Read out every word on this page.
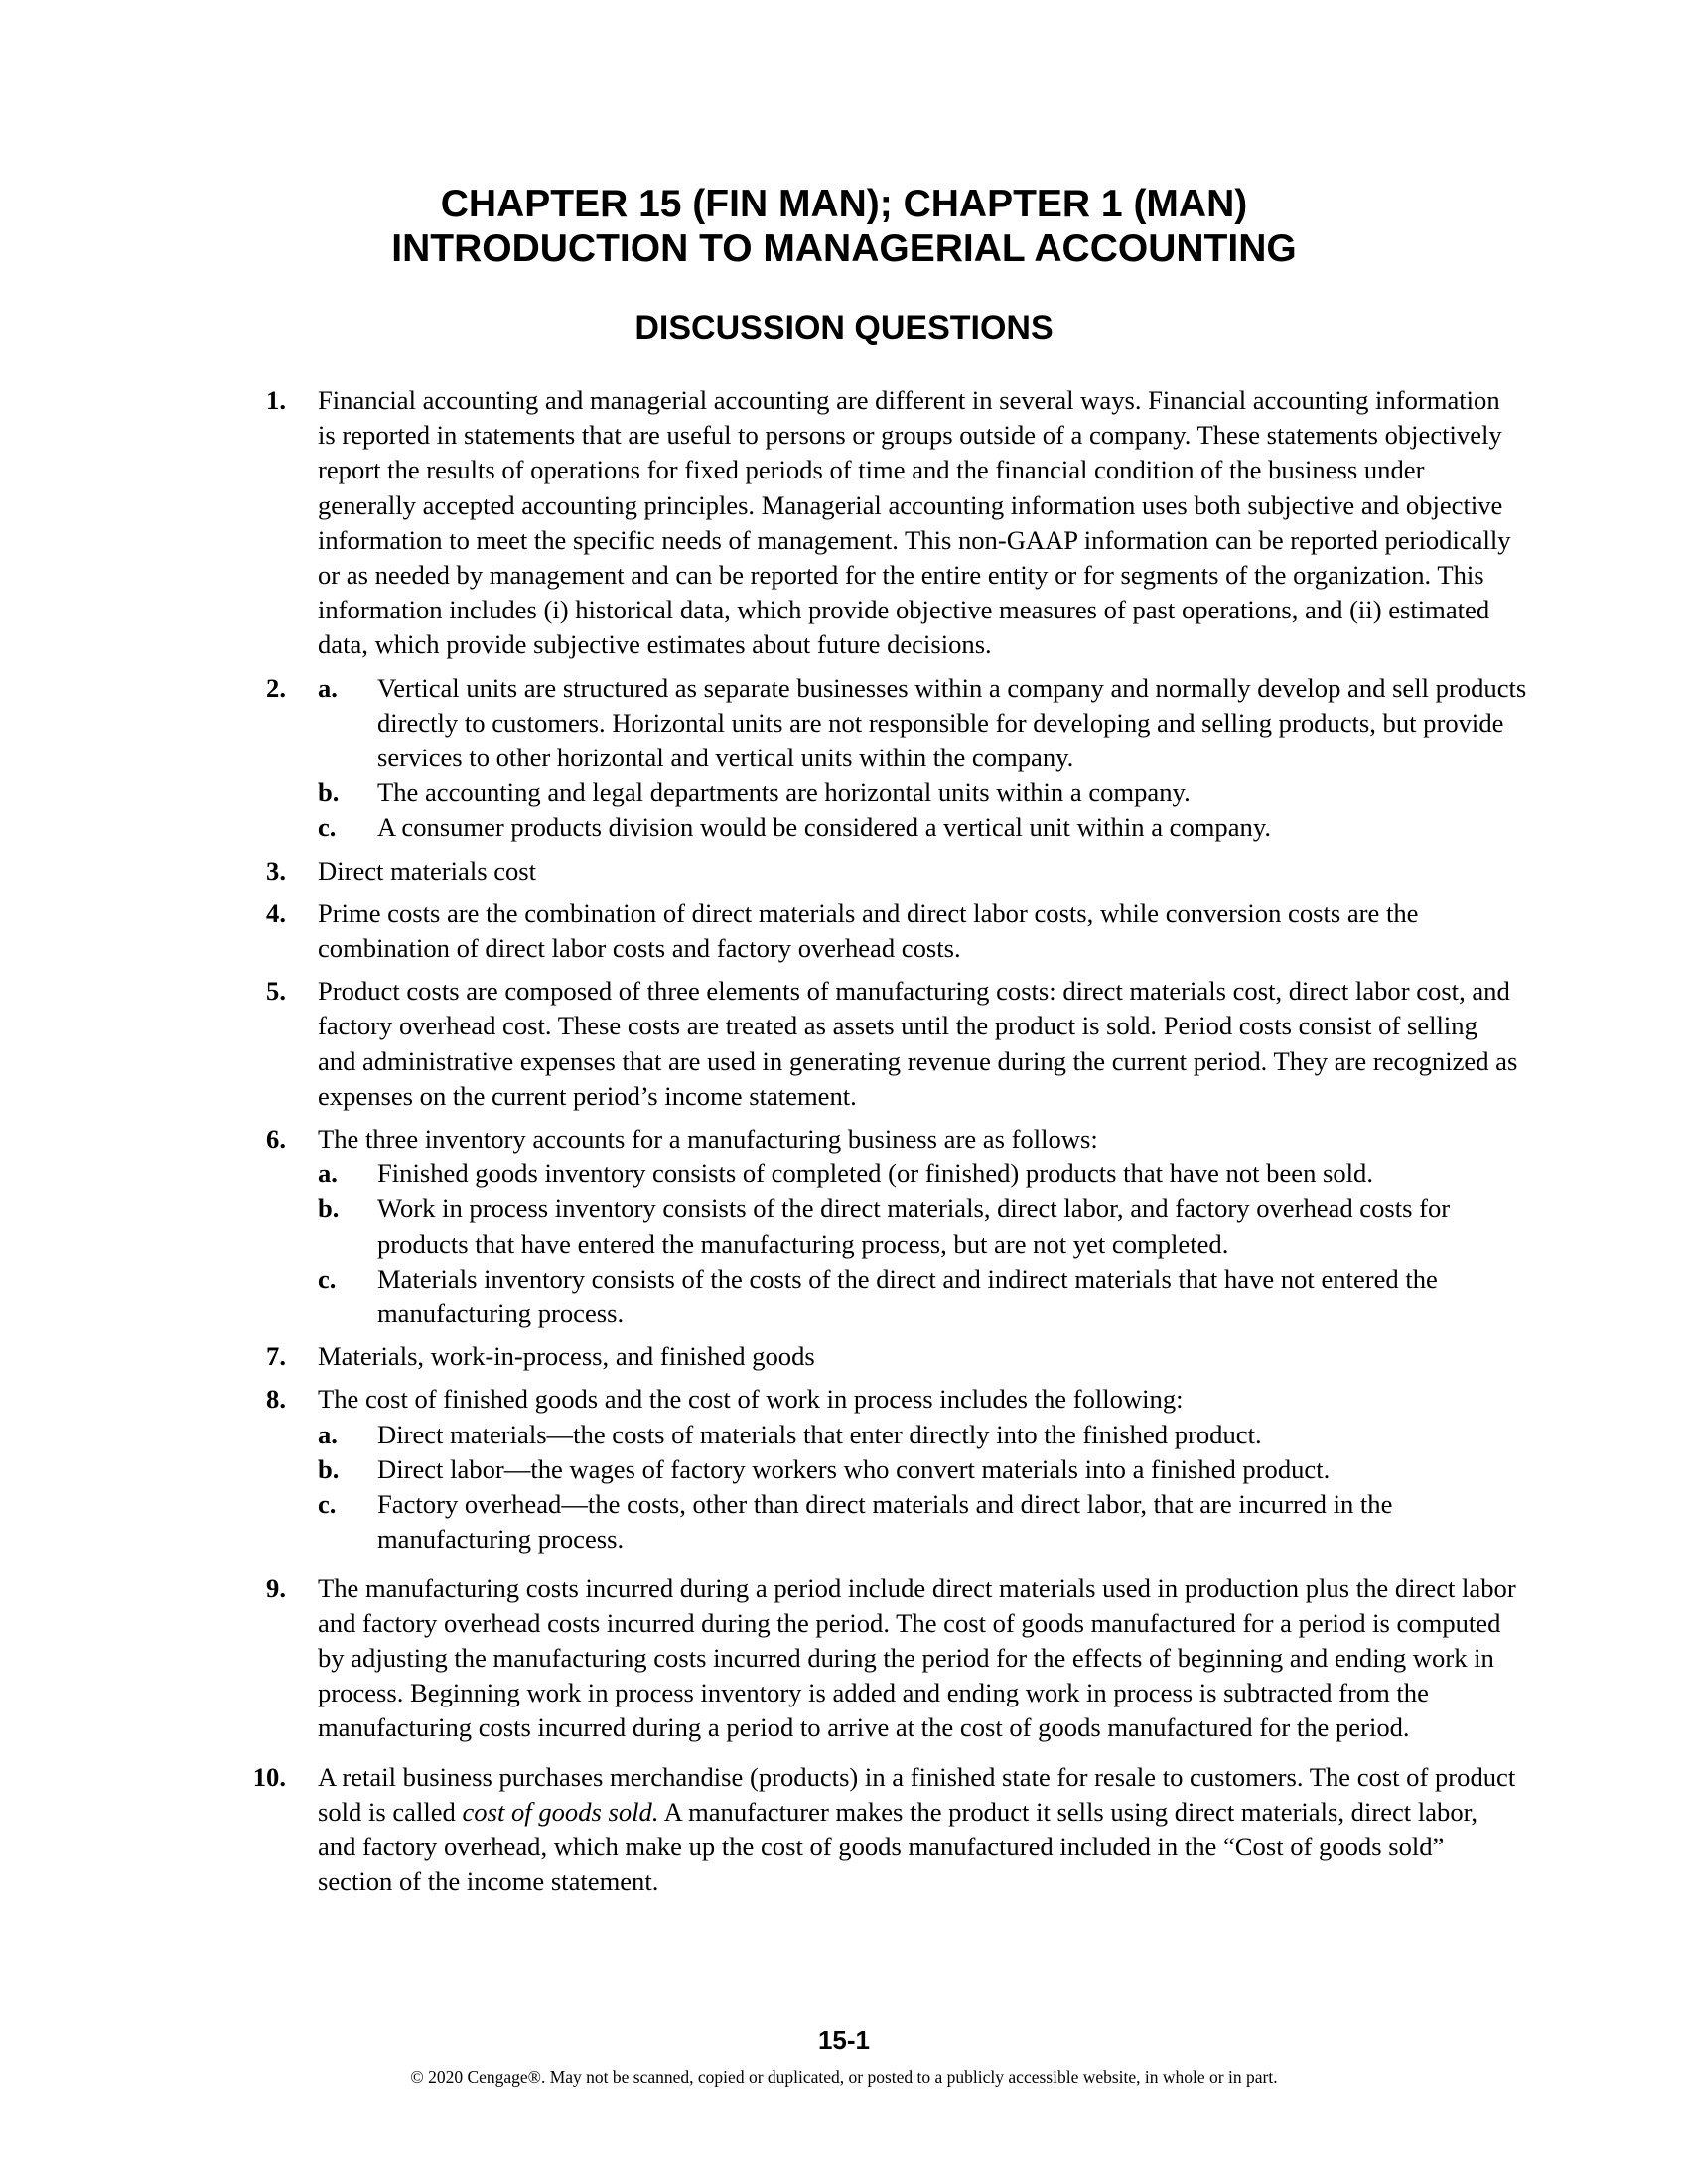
CHAPTER 15 (FIN MAN); CHAPTER 1 (MAN)
INTRODUCTION TO MANAGERIAL ACCOUNTING
DISCUSSION QUESTIONS
1. Financial accounting and managerial accounting are different in several ways. Financial accounting information is reported in statements that are useful to persons or groups outside of a company. These statements objectively report the results of operations for fixed periods of time and the financial condition of the business under generally accepted accounting principles. Managerial accounting information uses both subjective and objective information to meet the specific needs of management. This non-GAAP information can be reported periodically or as needed by management and can be reported for the entire entity or for segments of the organization. This information includes (i) historical data, which provide objective measures of past operations, and (ii) estimated data, which provide subjective estimates about future decisions.
2. a. Vertical units are structured as separate businesses within a company and normally develop and sell products directly to customers. Horizontal units are not responsible for developing and selling products, but provide services to other horizontal and vertical units within the company.
b. The accounting and legal departments are horizontal units within a company.
c. A consumer products division would be considered a vertical unit within a company.
3. Direct materials cost
4. Prime costs are the combination of direct materials and direct labor costs, while conversion costs are the combination of direct labor costs and factory overhead costs.
5. Product costs are composed of three elements of manufacturing costs: direct materials cost, direct labor cost, and factory overhead cost. These costs are treated as assets until the product is sold. Period costs consist of selling and administrative expenses that are used in generating revenue during the current period. They are recognized as expenses on the current period’s income statement.
6. The three inventory accounts for a manufacturing business are as follows:
a. Finished goods inventory consists of completed (or finished) products that have not been sold.
b. Work in process inventory consists of the direct materials, direct labor, and factory overhead costs for products that have entered the manufacturing process, but are not yet completed.
c. Materials inventory consists of the costs of the direct and indirect materials that have not entered the manufacturing process.
7. Materials, work-in-process, and finished goods
8. The cost of finished goods and the cost of work in process includes the following:
a. Direct materials—the costs of materials that enter directly into the finished product.
b. Direct labor—the wages of factory workers who convert materials into a finished product.
c. Factory overhead—the costs, other than direct materials and direct labor, that are incurred in the manufacturing process.
9. The manufacturing costs incurred during a period include direct materials used in production plus the direct labor and factory overhead costs incurred during the period. The cost of goods manufactured for a period is computed by adjusting the manufacturing costs incurred during the period for the effects of beginning and ending work in process. Beginning work in process inventory is added and ending work in process is subtracted from the manufacturing costs incurred during a period to arrive at the cost of goods manufactured for the period.
10. A retail business purchases merchandise (products) in a finished state for resale to customers. The cost of product sold is called cost of goods sold. A manufacturer makes the product it sells using direct materials, direct labor, and factory overhead, which make up the cost of goods manufactured included in the “Cost of goods sold” section of the income statement.
15-1
© 2020 Cengage®. May not be scanned, copied or duplicated, or posted to a publicly accessible website, in whole or in part.
